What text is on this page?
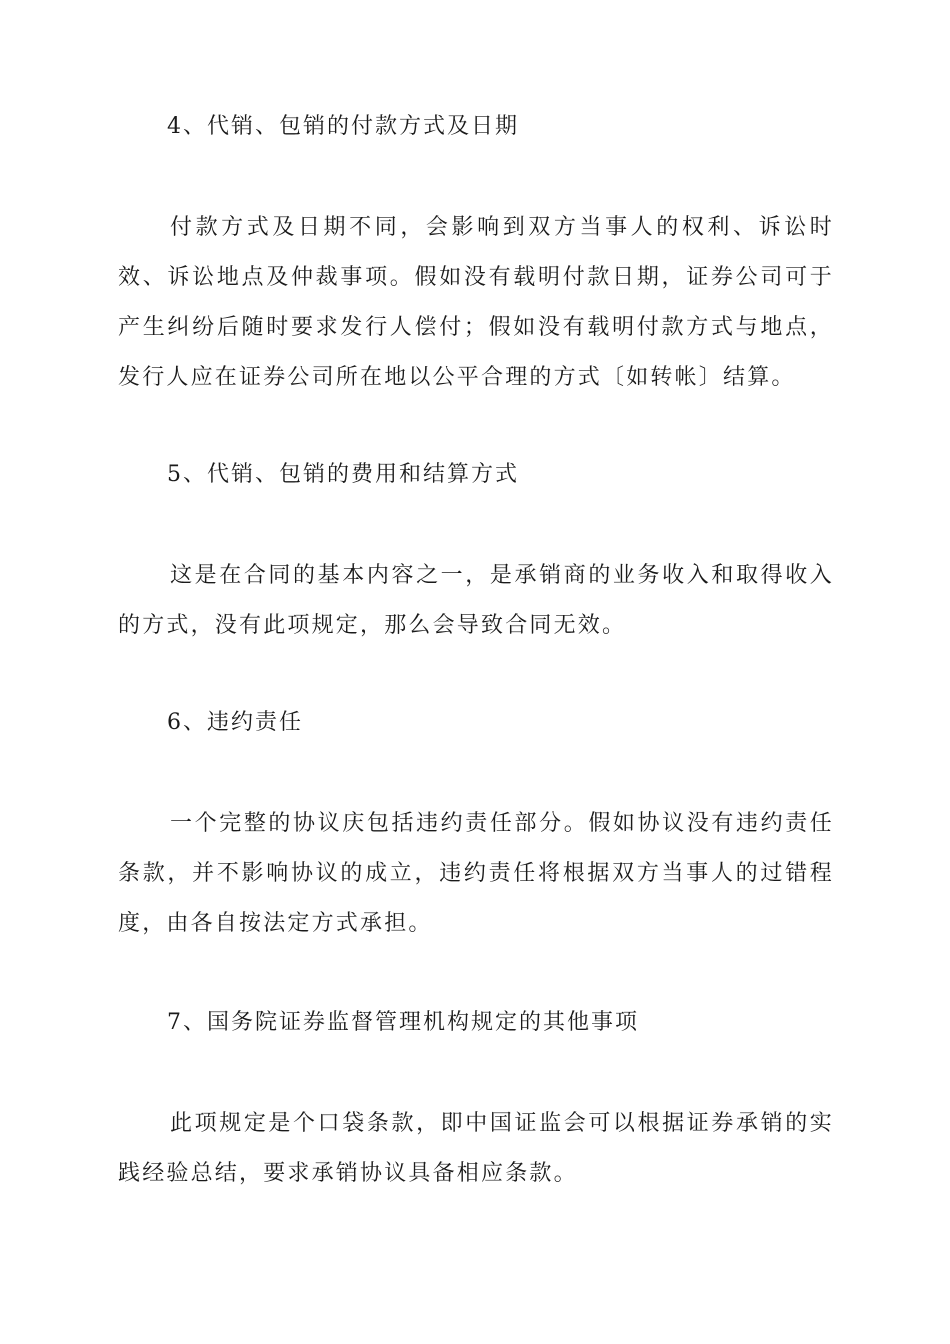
4、代销、包销的付款方式及日期

付款方式及日期不同，会影响到双方当事人的权利、诉讼时效、诉讼地点及仲裁事项。假如没有载明付款日期，证券公司可于产生纠纷后随时要求发行人偿付；假如没有载明付款方式与地点，发行人应在证券公司所在地以公平合理的方式〔如转帐〕结算。

5、代销、包销的费用和结算方式

这是在合同的基本内容之一，是承销商的业务收入和取得收入的方式，没有此项规定，那么会导致合同无效。

6、违约责任

一个完整的协议庆包括违约责任部分。假如协议没有违约责任条款，并不影响协议的成立，违约责任将根据双方当事人的过错程度，由各自按法定方式承担。

7、国务院证券监督管理机构规定的其他事项

此项规定是个口袋条款，即中国证监会可以根据证券承销的实践经验总结，要求承销协议具备相应条款。
